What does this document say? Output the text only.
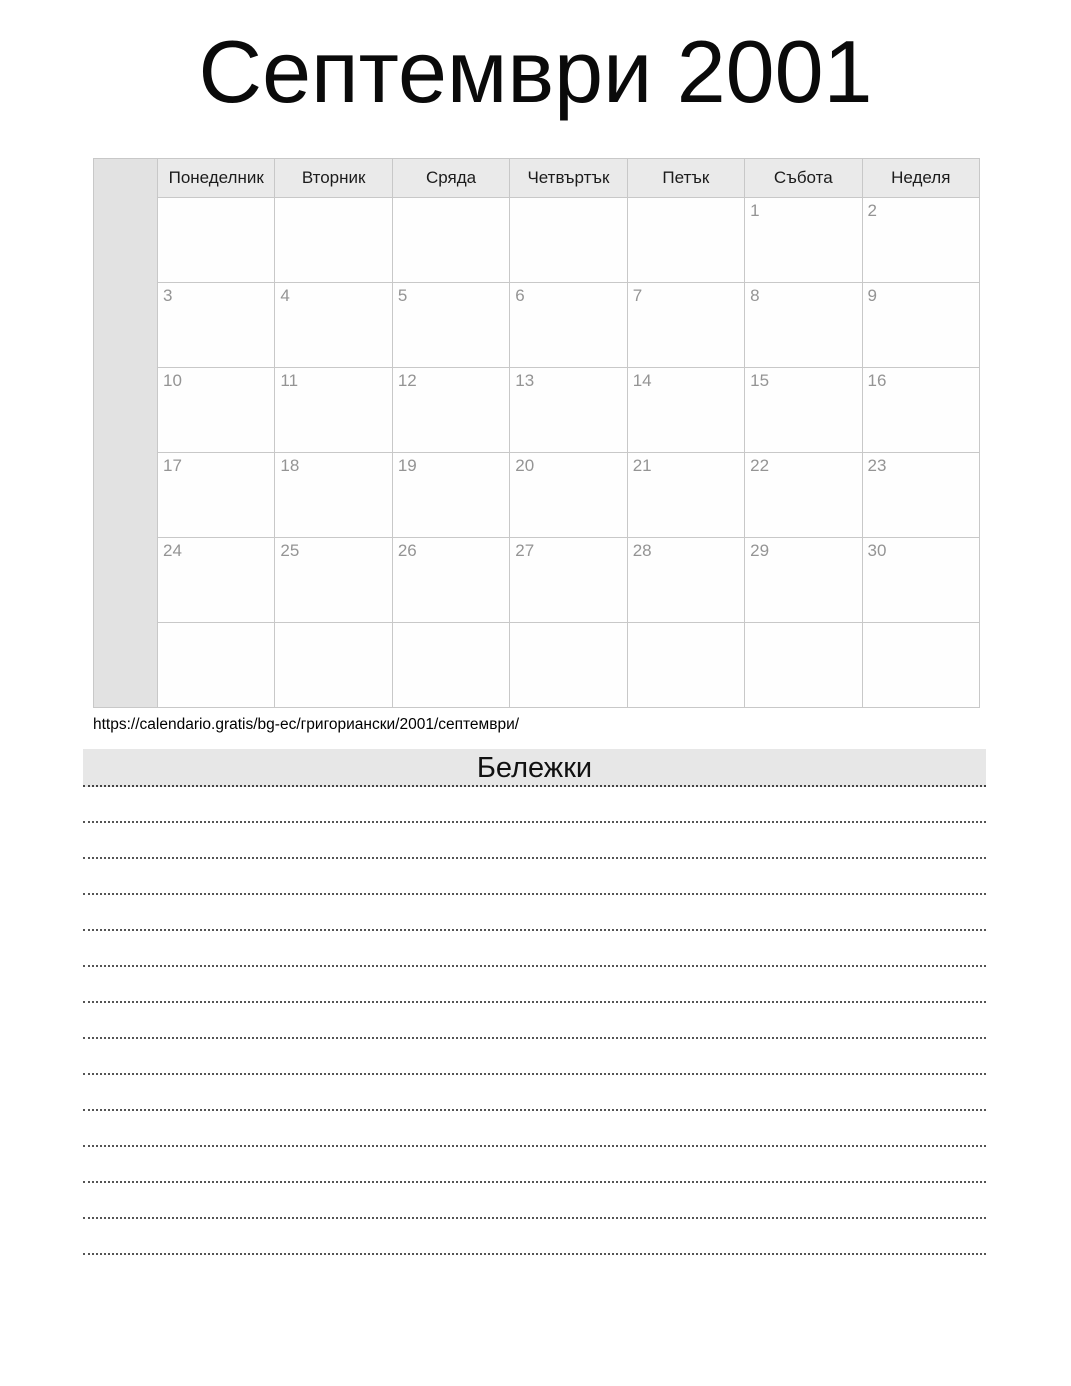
Септември 2001
	Понеделник	Вторник	Сряда	Четвъртък	Петък	Събота	Неделя
						1	2
	3	4	5	6	7	8	9
	10	11	12	13	14	15	16
	17	18	19	20	21	22	23
	24	25	26	27	28	29	30

https://calendario.gratis/bg-ec/григориански/2001/септември/
Бележки
